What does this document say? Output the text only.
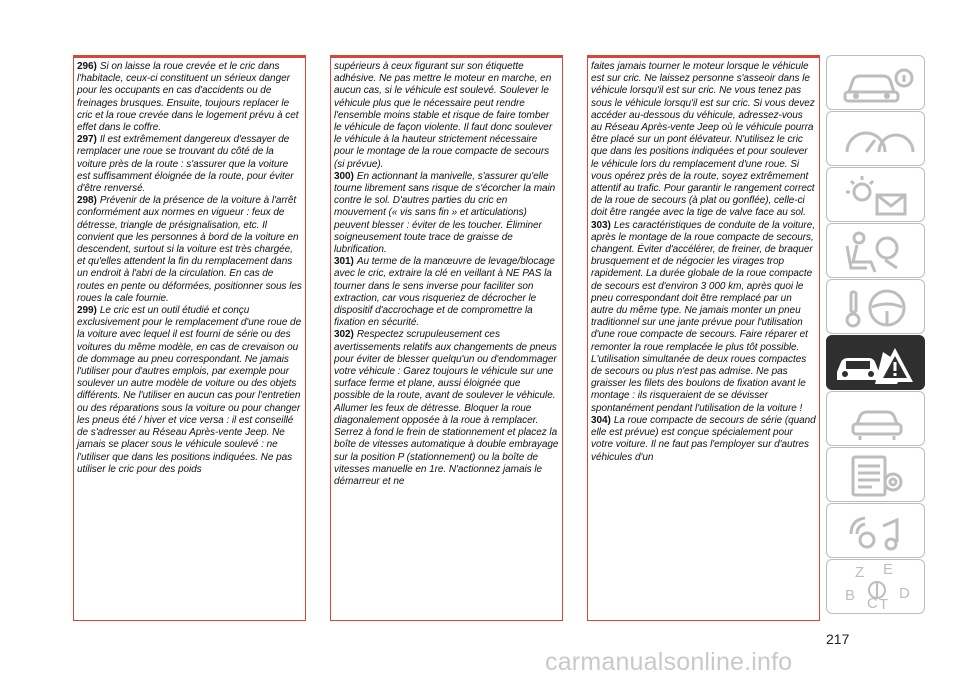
296) Si on laisse la roue crevée et le cric dans l'habitacle, ceux-ci constituent un sérieux danger pour les occupants en cas d'accidents ou de freinages brusques. Ensuite, toujours replacer le cric et la roue crevée dans le logement prévu à cet effet dans le coffre.

297) Il est extrêmement dangereux d'essayer de remplacer une roue se trouvant du côté de la voiture près de la route : s'assurer que la voiture est suffisamment éloignée de la route, pour éviter d'être renversé.

298) Prévenir de la présence de la voiture à l'arrêt conformément aux normes en vigueur : feux de détresse, triangle de présignalisation, etc. Il convient que les personnes à bord de la voiture en descendent, surtout si la voiture est très chargée, et qu'elles attendent la fin du remplacement dans un endroit à l'abri de la circulation. En cas de routes en pente ou déformées, positionner sous les roues la cale fournie.

299) Le cric est un outil étudié et conçu exclusivement pour le remplacement d'une roue de la voiture avec lequel il est fourni de série ou des voitures du même modèle, en cas de crevaison ou de dommage au pneu correspondant. Ne jamais l'utiliser pour d'autres emplois, par exemple pour soulever un autre modèle de voiture ou des objets différents. Ne l'utiliser en aucun cas pour l'entretien ou des réparations sous la voiture ou pour changer les pneus été / hiver et vice versa : il est conseillé de s'adresser au Réseau Après-vente Jeep. Ne jamais se placer sous le véhicule soulevé : ne l'utiliser que dans les positions indiquées. Ne pas utiliser le cric pour des poids

supérieurs à ceux figurant sur son étiquette adhésive. Ne pas mettre le moteur en marche, en aucun cas, si le véhicule est soulevé. Soulever le véhicule plus que le nécessaire peut rendre l'ensemble moins stable et risque de faire tomber le véhicule de façon violente. Il faut donc soulever le véhicule à la hauteur strictement nécessaire pour le montage de la roue compacte de secours (si prévue).

300) En actionnant la manivelle, s'assurer qu'elle tourne librement sans risque de s'écorcher la main contre le sol. D'autres parties du cric en mouvement (« vis sans fin » et articulations) peuvent blesser : éviter de les toucher. Éliminer soigneusement toute trace de graisse de lubrification.

301) Au terme de la manœuvre de levage/blocage avec le cric, extraire la clé en veillant à NE PAS la tourner dans le sens inverse pour faciliter son extraction, car vous risqueriez de décrocher le dispositif d'accrochage et de compromettre la fixation en sécurité.

302) Respectez scrupuleusement ces avertissements relatifs aux changements de pneus pour éviter de blesser quelqu'un ou d'endommager votre véhicule : Garez toujours le véhicule sur une surface ferme et plane, aussi éloignée que possible de la route, avant de soulever le véhicule. Allumer les feux de détresse. Bloquer la roue diagonalement opposée à la roue à remplacer. Serrez à fond le frein de stationnement et placez la boîte de vitesses automatique à double embrayage sur la position P (stationnement) ou la boîte de vitesses manuelle en 1re. N'actionnez jamais le démarreur et ne

faites jamais tourner le moteur lorsque le véhicule est sur cric. Ne laissez personne s'asseoir dans le véhicule lorsqu'il est sur cric. Ne vous tenez pas sous le véhicule lorsqu'il est sur cric. Si vous devez accéder au-dessous du véhicule, adressez-vous au Réseau Après-vente Jeep où le véhicule pourra être placé sur un pont élévateur. N'utilisez le cric que dans les positions indiquées et pour soulever le véhicule lors du remplacement d'une roue. Si vous opérez près de la route, soyez extrêmement attentif au trafic. Pour garantir le rangement correct de la roue de secours (à plat ou gonflée), celle-ci doit être rangée avec la tige de valve face au sol.

303) Les caractéristiques de conduite de la voiture, après le montage de la roue compacte de secours, changent. Éviter d'accélérer, de freiner, de braquer brusquement et de négocier les virages trop rapidement. La durée globale de la roue compacte de secours est d'environ 3 000 km, après quoi le pneu correspondant doit être remplacé par un autre du même type. Ne jamais monter un pneu traditionnel sur une jante prévue pour l'utilisation d'une roue compacte de secours. Faire réparer et remonter la roue remplacée le plus tôt possible. L'utilisation simultanée de deux roues compactes de secours ou plus n'est pas admise. Ne pas graisser les filets des boulons de fixation avant le montage : ils risqueraient de se dévisser spontanément pendant l'utilisation de la voiture !

304) La roue compacte de secours de série (quand elle est prévue) est conçue spécialement pour votre voiture. Il ne faut pas l'employer sur d'autres véhicules d'un

Z E
B C T
D
217
carmanualsonline.info
